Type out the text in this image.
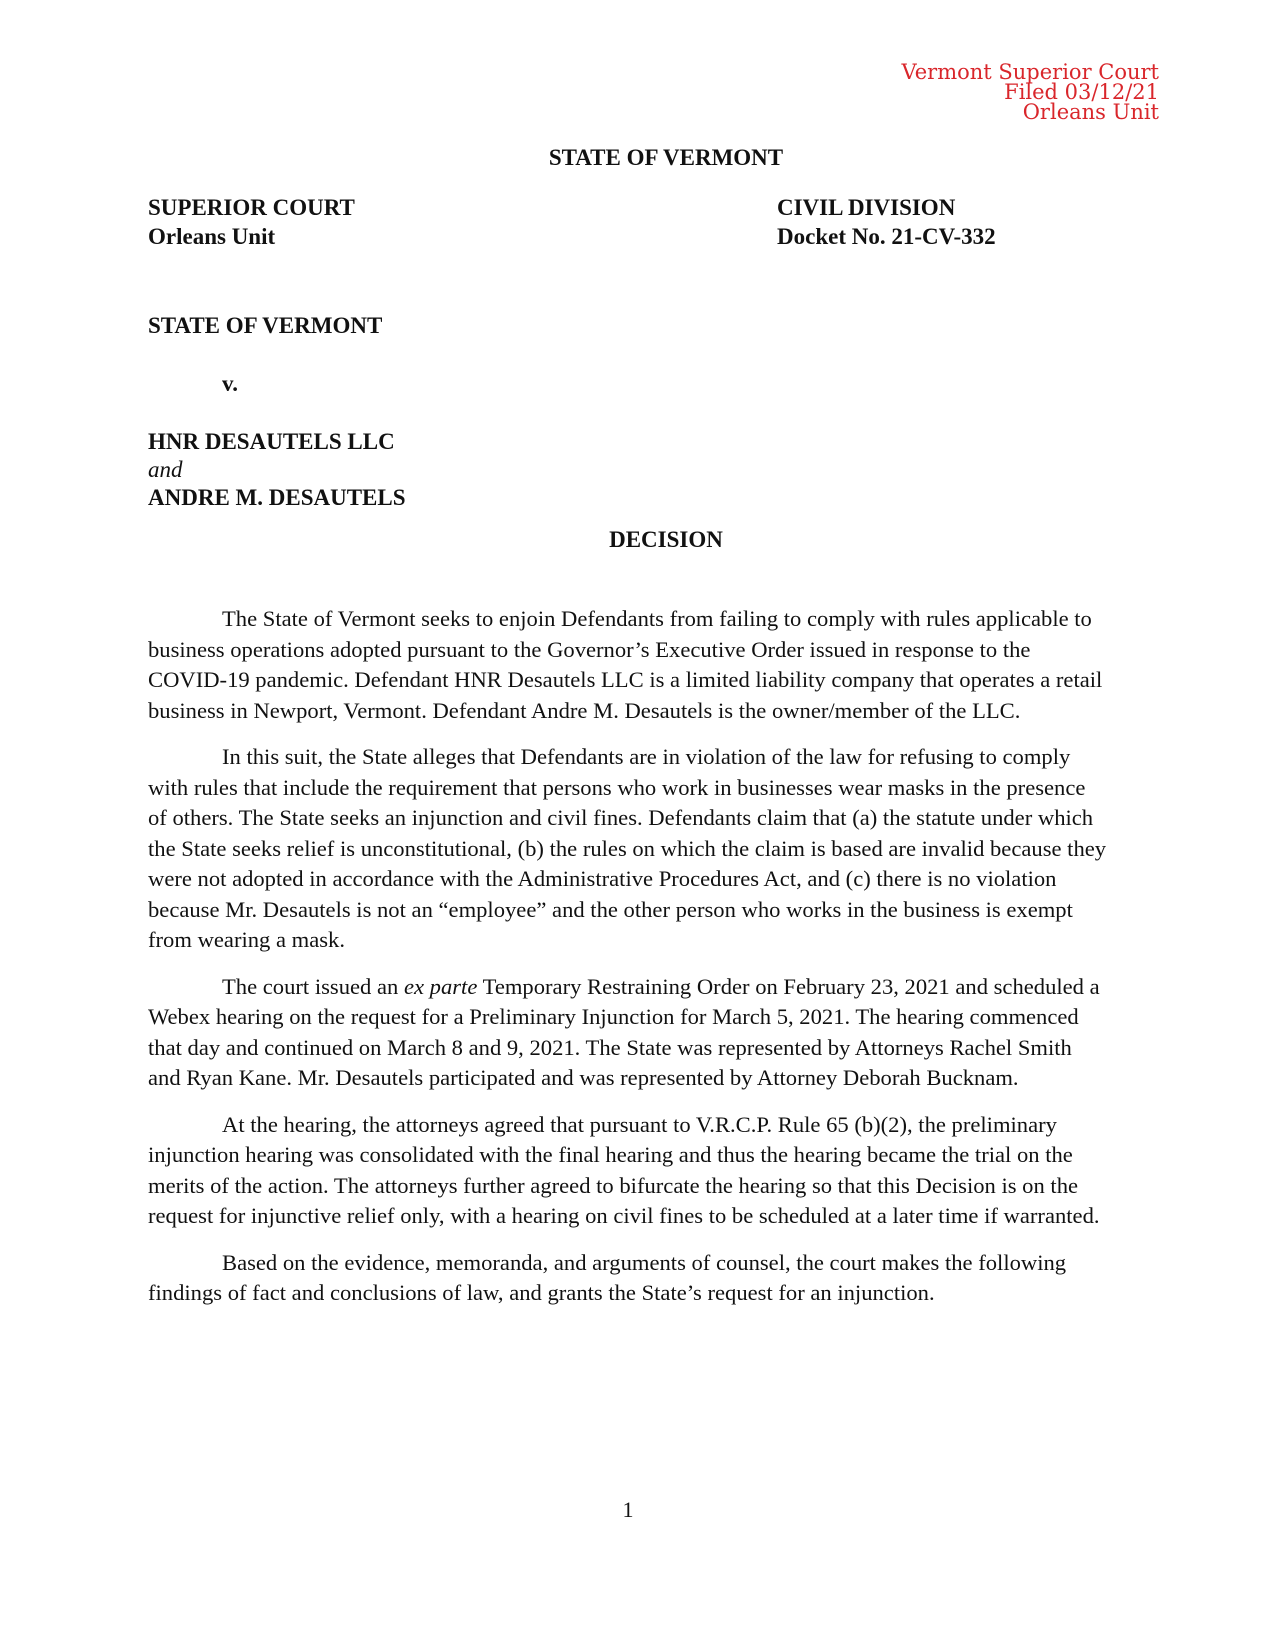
Vermont Superior Court
Filed 03/12/21
Orleans Unit
STATE OF VERMONT
SUPERIOR COURT
Orleans Unit
CIVIL DIVISION
Docket No. 21-CV-332
STATE OF VERMONT
v.
HNR DESAUTELS LLC
and
ANDRE M. DESAUTELS
DECISION

The State of Vermont seeks to enjoin Defendants from failing to comply with rules applicable to business operations adopted pursuant to the Governor’s Executive Order issued in response to the COVID-19 pandemic. Defendant HNR Desautels LLC is a limited liability company that operates a retail business in Newport, Vermont. Defendant Andre M. Desautels is the owner/member of the LLC.

In this suit, the State alleges that Defendants are in violation of the law for refusing to comply with rules that include the requirement that persons who work in businesses wear masks in the presence of others. The State seeks an injunction and civil fines. Defendants claim that (a) the statute under which the State seeks relief is unconstitutional, (b) the rules on which the claim is based are invalid because they were not adopted in accordance with the Administrative Procedures Act, and (c) there is no violation because Mr. Desautels is not an “employee” and the other person who works in the business is exempt from wearing a mask.

The court issued an ex parte Temporary Restraining Order on February 23, 2021 and scheduled a Webex hearing on the request for a Preliminary Injunction for March 5, 2021. The hearing commenced that day and continued on March 8 and 9, 2021. The State was represented by Attorneys Rachel Smith and Ryan Kane. Mr. Desautels participated and was represented by Attorney Deborah Bucknam.

At the hearing, the attorneys agreed that pursuant to V.R.C.P. Rule 65 (b)(2), the preliminary injunction hearing was consolidated with the final hearing and thus the hearing became the trial on the merits of the action. The attorneys further agreed to bifurcate the hearing so that this Decision is on the request for injunctive relief only, with a hearing on civil fines to be scheduled at a later time if warranted.

Based on the evidence, memoranda, and arguments of counsel, the court makes the following findings of fact and conclusions of law, and grants the State’s request for an injunction.

1
